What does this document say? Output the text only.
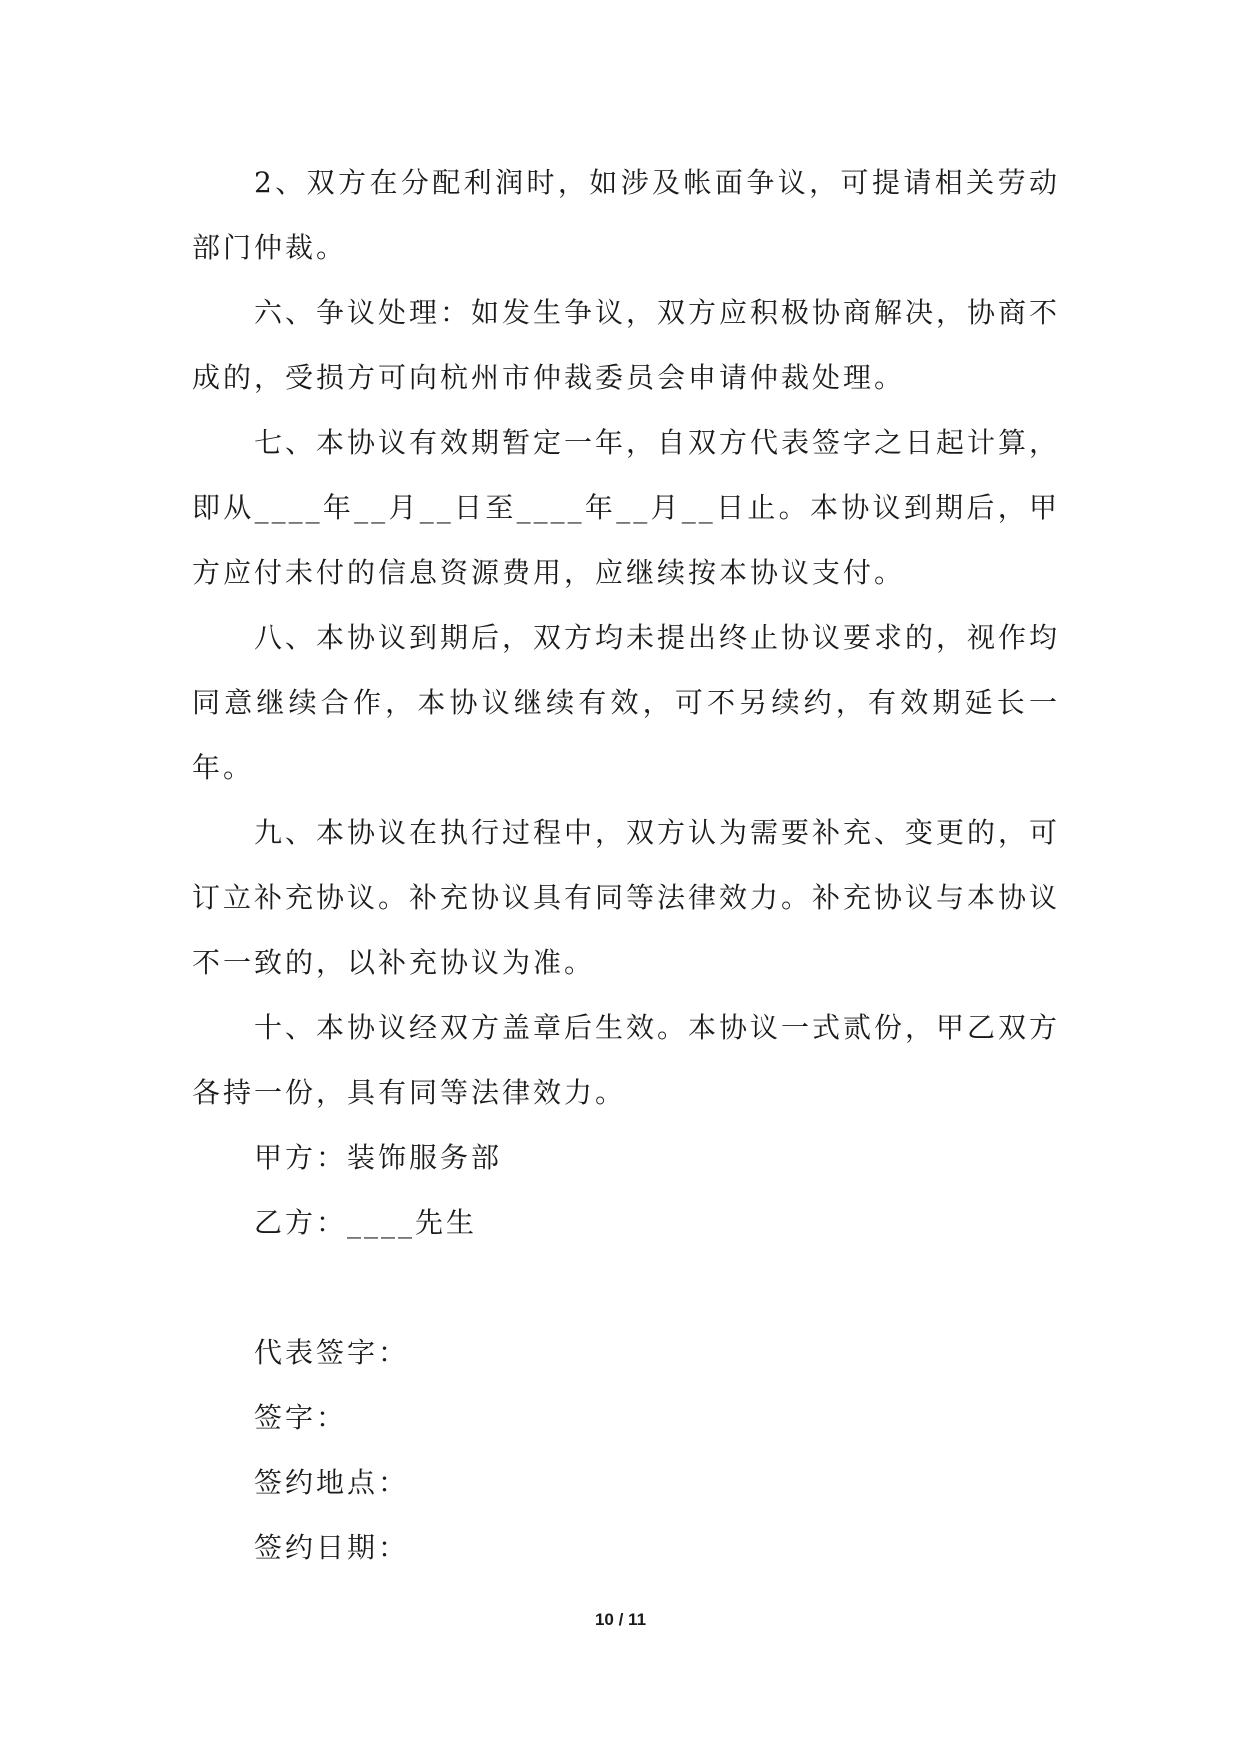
2、双方在分配利润时，如涉及帐面争议，可提请相关劳动部门仲裁。

六、争议处理：如发生争议，双方应积极协商解决，协商不成的，受损方可向杭州市仲裁委员会申请仲裁处理。

七、本协议有效期暂定一年，自双方代表签字之日起计算，即从____年__月__日至____年__月__日止。本协议到期后，甲方应付未付的信息资源费用，应继续按本协议支付。

八、本协议到期后，双方均未提出终止协议要求的，视作均同意继续合作，本协议继续有效，可不另续约，有效期延长一年。

九、本协议在执行过程中，双方认为需要补充、变更的，可订立补充协议。补充协议具有同等法律效力。补充协议与本协议不一致的，以补充协议为准。

十、本协议经双方盖章后生效。本协议一式贰份，甲乙双方各持一份，具有同等法律效力。

甲方：装饰服务部

乙方：____先生

代表签字：

签字：

签约地点：

签约日期：

10 / 11
